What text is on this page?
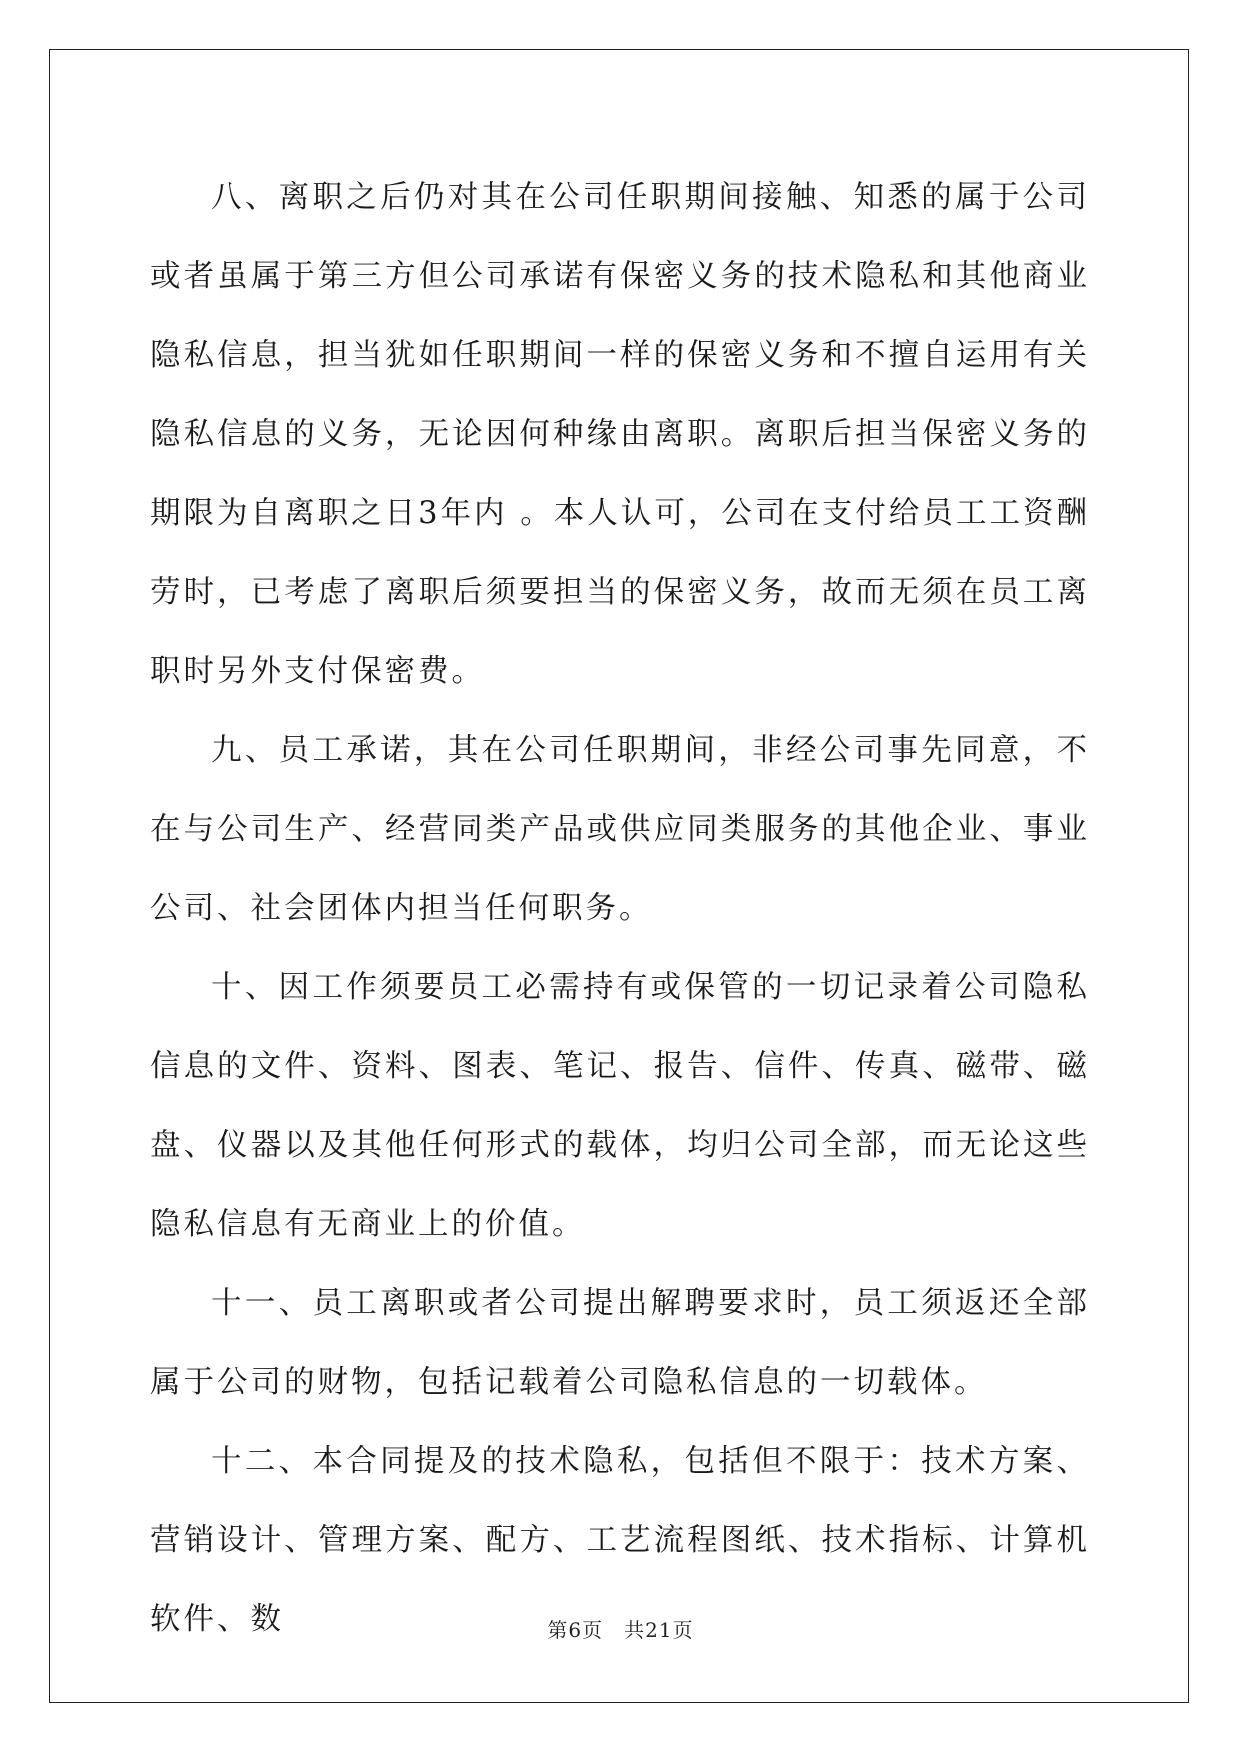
八、离职之后仍对其在公司任职期间接触、知悉的属于公司或者虽属于第三方但公司承诺有保密义务的技术隐私和其他商业隐私信息，担当犹如任职期间一样的保密义务和不擅自运用有关隐私信息的义务，无论因何种缘由离职。离职后担当保密义务的期限为自离职之日3年内 。本人认可，公司在支付给员工工资酬劳时，已考虑了离职后须要担当的保密义务，故而无须在员工离职时另外支付保密费。

九、员工承诺，其在公司任职期间，非经公司事先同意，不在与公司生产、经营同类产品或供应同类服务的其他企业、事业公司、社会团体内担当任何职务。

十、因工作须要员工必需持有或保管的一切记录着公司隐私信息的文件、资料、图表、笔记、报告、信件、传真、磁带、磁盘、仪器以及其他任何形式的载体，均归公司全部，而无论这些隐私信息有无商业上的价值。

十一、员工离职或者公司提出解聘要求时，员工须返还全部属于公司的财物，包括记载着公司隐私信息的一切载体。

十二、本合同提及的技术隐私，包括但不限于：技术方案、营销设计、管理方案、配方、工艺流程图纸、技术指标、计算机软件、数	第6页　共21页
